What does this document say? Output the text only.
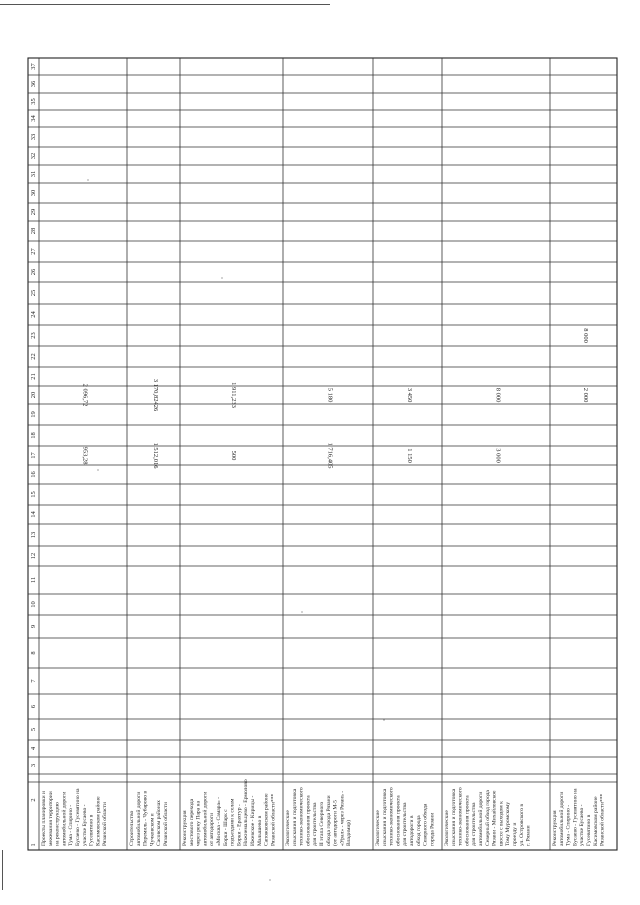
37
36
35
34
33
32
31
30
29
28
27
26
25
24
23
22
21
20
19
18
17
16
15
14
13
12
11
10
9
8
7
6
5
4
3
2
1 Проекты планировки и межевания территории на реконструкцию автомобильной дороги Тума - Спирино - Бусаево - Гусевятино на участке Бусаево - Гусевятино в Касимовском районе Рязанской области
953,28
2 096,72
Строительство автомобильной дороги Перемиль - Чубарово в Чучковском и Сасовском районах Рязанской области
1 512,016
3 170,82426
Реконструкция мостового перехода через реку Пара на автомобильной дороги от автодороги «Москва - Самара» - Борки - Шарк с подъездами к селам Борки - Ерахтур - Нижнемальцево - Ермолово Ижевское - Кирицы - Малышево в Сапожковском районе Рязанской области***
500
1 911,233
Экологические изыскания и подготовка технико-экономического обоснования проекта для строительства II этапа Северного обхода города Рязани (от автодороги М-5 «Урал» - через Рязань - Владимир)
1 716,405
5 180
Экологические изыскания и подготовка технико-экономического обоснования проекта для строительства автодороги в обход города Северного обхода города Рязани
1 150
3 450
Экологические изыскания и подготовка технико-экономического обоснования проекта для строительства автомобильной дороги Северный обход города Рязани - Михайловское шоссе с выходом к Тому Муромскому проезду и ул. Островского в г. Рязани
3 000
8 000
Реконструкция автомобильной дороги Тума - Спирино - Бусаево - Гусевятино на участке Бусаево - Гусевятино в Касимовском районе Рязанской области***
2 000
8 000
